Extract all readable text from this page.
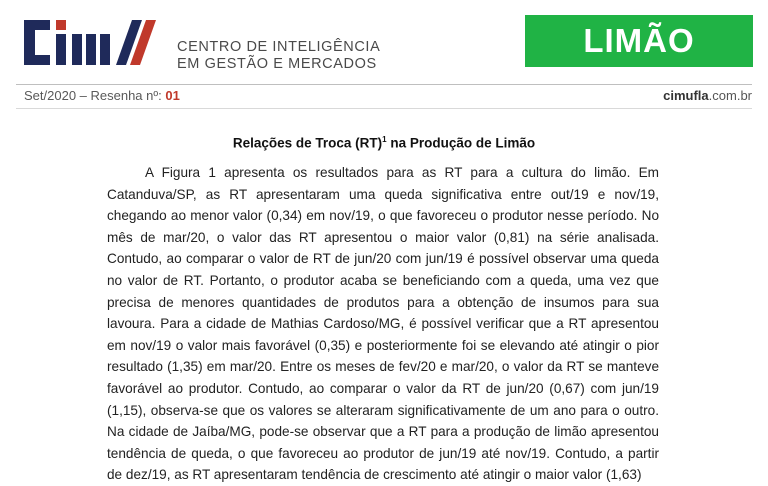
CENTRO DE INTELIGÊNCIA
EM GESTÃO E MERCADOS
LIMÃO
Set/2020 – Resenha nº: 01	cimufla.com.br
Relações de Troca (RT)$^1$ na Produção de Limão
A Figura 1 apresenta os resultados para as RT para a cultura do limão. Em Catanduva/SP, as RT apresentaram uma queda significativa entre out/19 e nov/19, chegando ao menor valor (0,34) em nov/19, o que favoreceu o produtor nesse período. No mês de mar/20, o valor das RT apresentou o maior valor (0,81) na série analisada. Contudo, ao comparar o valor de RT de jun/20 com jun/19 é possível observar uma queda no valor de RT. Portanto, o produtor acaba se beneficiando com a queda, uma vez que precisa de menores quantidades de produtos para a obtenção de insumos para sua lavoura. Para a cidade de Mathias Cardoso/MG, é possível verificar que a RT apresentou em nov/19 o valor mais favorável (0,35) e posteriormente foi se elevando até atingir o pior resultado (1,35) em mar/20. Entre os meses de fev/20 e mar/20, o valor da RT se manteve favorável ao produtor. Contudo, ao comparar o valor da RT de jun/20 (0,67) com jun/19 (1,15), observa-se que os valores se alteraram significativamente de um ano para o outro. Na cidade de Jaíba/MG, pode-se observar que a RT para a produção de limão apresentou tendência de queda, o que favoreceu ao produtor de jun/19 até nov/19. Contudo, a partir de dez/19, as RT apresentaram tendência de crescimento até atingir o maior valor (1,63)
